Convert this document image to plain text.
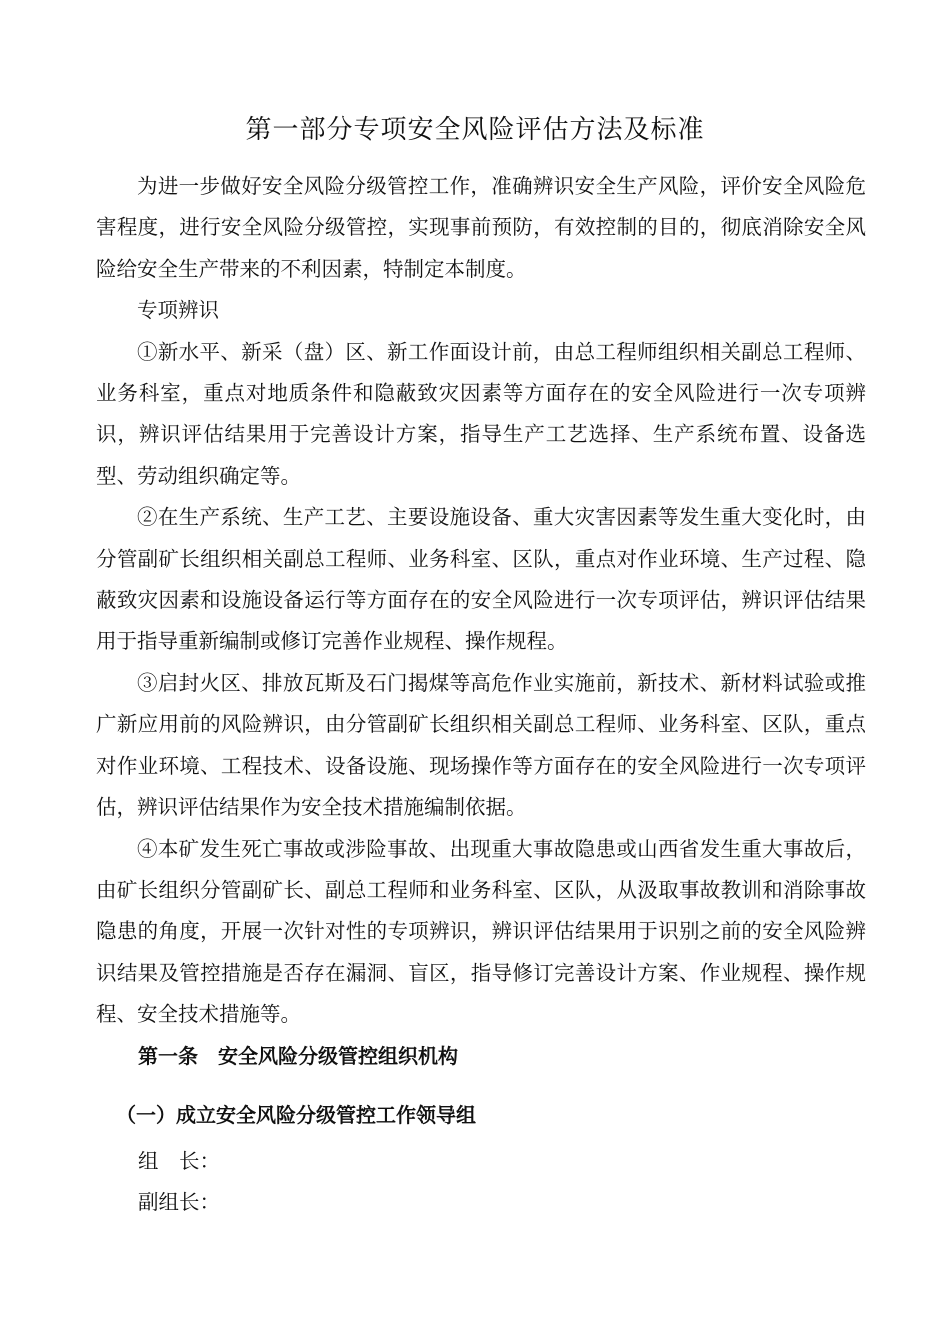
第一部分专项安全风险评估方法及标准

为进一步做好安全风险分级管控工作，准确辨识安全生产风险，评价安全风险危害程度，进行安全风险分级管控，实现事前预防，有效控制的目的，彻底消除安全风险给安全生产带来的不利因素，特制定本制度。

专项辨识

①新水平、新采（盘）区、新工作面设计前，由总工程师组织相关副总工程师、业务科室，重点对地质条件和隐蔽致灾因素等方面存在的安全风险进行一次专项辨识，辨识评估结果用于完善设计方案，指导生产工艺选择、生产系统布置、设备选型、劳动组织确定等。

②在生产系统、生产工艺、主要设施设备、重大灾害因素等发生重大变化时，由分管副矿长组织相关副总工程师、业务科室、区队，重点对作业环境、生产过程、隐蔽致灾因素和设施设备运行等方面存在的安全风险进行一次专项评估，辨识评估结果用于指导重新编制或修订完善作业规程、操作规程。

③启封火区、排放瓦斯及石门揭煤等高危作业实施前，新技术、新材料试验或推广新应用前的风险辨识，由分管副矿长组织相关副总工程师、业务科室、区队，重点对作业环境、工程技术、设备设施、现场操作等方面存在的安全风险进行一次专项评估，辨识评估结果作为安全技术措施编制依据。

④本矿发生死亡事故或涉险事故、出现重大事故隐患或山西省发生重大事故后，由矿长组织分管副矿长、副总工程师和业务科室、区队，从汲取事故教训和消除事故隐患的角度，开展一次针对性的专项辨识，辨识评估结果用于识别之前的安全风险辨识结果及管控措施是否存在漏洞、盲区，指导修订完善设计方案、作业规程、操作规程、安全技术措施等。

第一条　安全风险分级管控组织机构
（一）成立安全风险分级管控工作领导组
组　长：
副组长：
